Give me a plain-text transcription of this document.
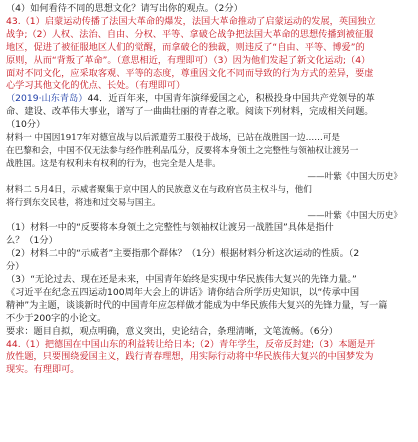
（4）如何看待不同的思想文化？请写出你的观点。（2分）
43.（1）启蒙运动传播了法国大革命的爆发，法国大革命推动了启蒙运动的发展，英国独立
战争;（2）人权、法治、自由、分权、平等、拿破仑战争把法国大革命的思想传播到被征服
地区，促进了被征服地区人们的觉醒，而拿破仑的独裁，则违反了“自由、平等、博爱”的
原则，从而“背叛了革命”。（意思相近，有理即可）（3）因为他们发起了新文化运动;（4）
面对不同文化，应采取客观、平等的态度，尊重因文化不同而导致的行为方式的差异，要虚
心学习其他文化的优点、长处。（有理即可）
（2019·山东青岛）44．近百年来，中国青年演绎爱国之心，积极投身中国共产党领导的革
命、建设、改革伟大事业，谱写了一曲曲壮丽的青春之歌。阅读下列材料，完成相关问题。
（10分）
材料一 中国因1917年对德宣战与以后派遣劳工服役于战场，已站在战胜国一边……可是
在巴黎和会，中国不仅无法参与经作胜利品瓜分，反要将本身领土之完整性与领袖权让渡另一
战胜国。这是有权利未有权利的行为，也完全是人是非。
——叶紫《中国大历史》
材料二 5月4日，示威者聚集于京中国人的民族意义在与政府官员主权斗与，他们
将行到东交民巷，将违和过交易与国主。
——叶紫《中国大历史》
（1）材料一中的“反要将本身领土之完整性与领袖权让渡另一战胜国”具体是指什
么？（1分）
（2）材料二中的“示威者”主要指那个群体？（1分）根据材料分析这次运动的性质。（2
分）
（3）“无论过去、现在还是未来，中国青年始终是实现中华民族伟大复兴的先锋力量。”
《习近平在纪念五四运动100周年大会上的讲话》请你结合所学历史知识，以“传承中国
精神”为主题，谈谈新时代的中国青年应怎样做才能成为中华民族伟大复兴的先锋力量，写一篇
不少于200字的小论文。
要求：题目自拟，观点明确，意义突出，史论结合，条理清晰，文笔流畅。（6分）
44.（1）把德国在中国山东的利益转让给日本;（2）青年学生，反帝反封建;（3）本题是开
放性题，只要围绕爱国主义，践行青春理想，用实际行动将中华民族伟大复兴的中国梦发为
现实。有理即可。
